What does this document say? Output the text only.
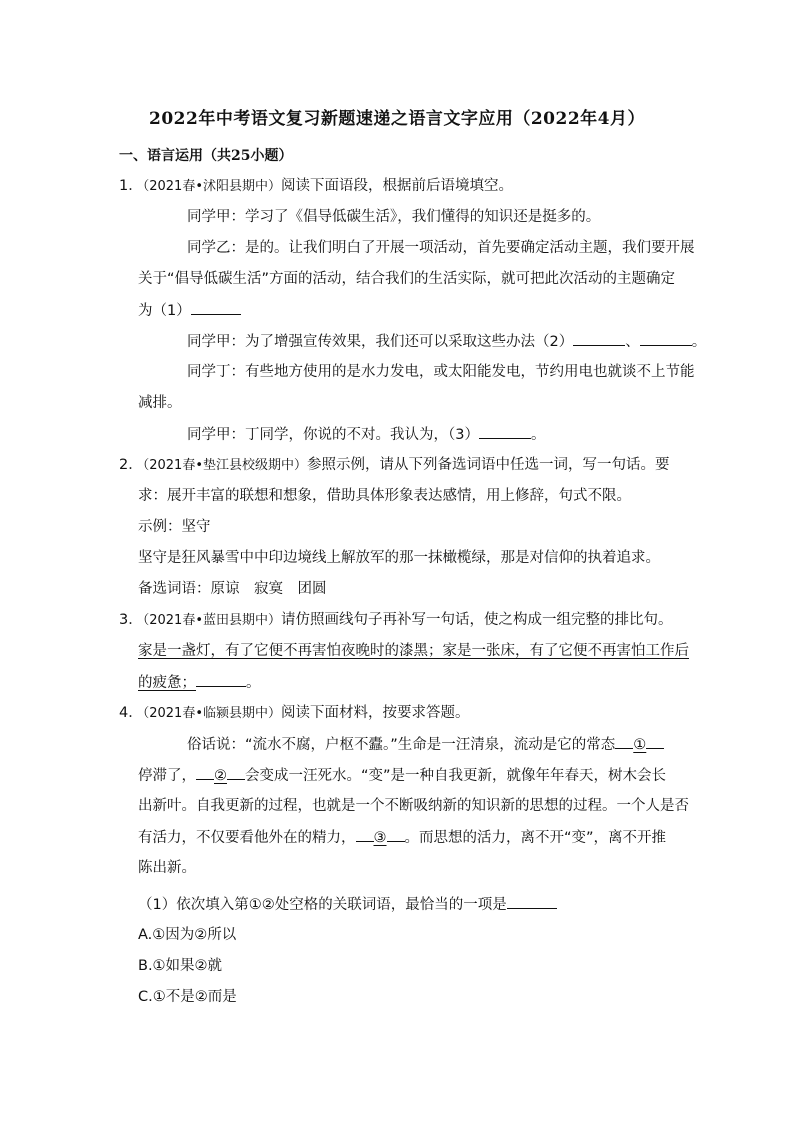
2022年中考语文复习新题速递之语言文字应用（2022年4月）
一、语言运用（共25小题）
1．（2021春•沭阳县期中）阅读下面语段，根据前后语境填空。
同学甲：学习了《倡导低碳生活》，我们懂得的知识还是挺多的。
同学乙：是的。让我们明白了开展一项活动，首先要确定活动主题，我们要开展
关于“倡导低碳生活”方面的活动，结合我们的生活实际，就可把此次活动的主题确定
为（1）
同学甲：为了增强宣传效果，我们还可以采取这些办法（2）	、	。
同学丁：有些地方使用的是水力发电，或太阳能发电，节约用电也就谈不上节能
减排。
同学甲：丁同学，你说的不对。我认为，（3）	。
2．（2021春•垫江县校级期中）参照示例，请从下列备选词语中任选一词，写一句话。要
求：展开丰富的联想和想象，借助具体形象表达感情，用上修辞，句式不限。
示例：坚守
坚守是狂风暴雪中中印边境线上解放军的那一抹橄榄绿，那是对信仰的执着追求。
备选词语：原谅　寂寞　团圆
3．（2021春•蓝田县期中）请仿照画线句子再补写一句话，使之构成一组完整的排比句。
家是一盏灯，有了它便不再害怕夜晚时的漆黑；家是一张床，有了它便不再害怕工作后
的疲惫；	。
4．（2021春•临颍县期中）阅读下面材料，按要求答题。
俗话说：“流水不腐，户枢不蠹。”生命是一汪清泉，流动是它的常态 ①
停滞了， ② 会变成一汪死水。“变”是一种自我更新，就像年年春天，树木会长
出新叶。自我更新的过程，也就是一个不断吸纳新的知识新的思想的过程。一个人是否
有活力，不仅要看他外在的精力， ③ 。而思想的活力，离不开“变”，离不开推
陈出新。
（1）依次填入第①②处空格的关联词语，最恰当的一项是
A.①因为②所以
B.①如果②就
C.①不是②而是
